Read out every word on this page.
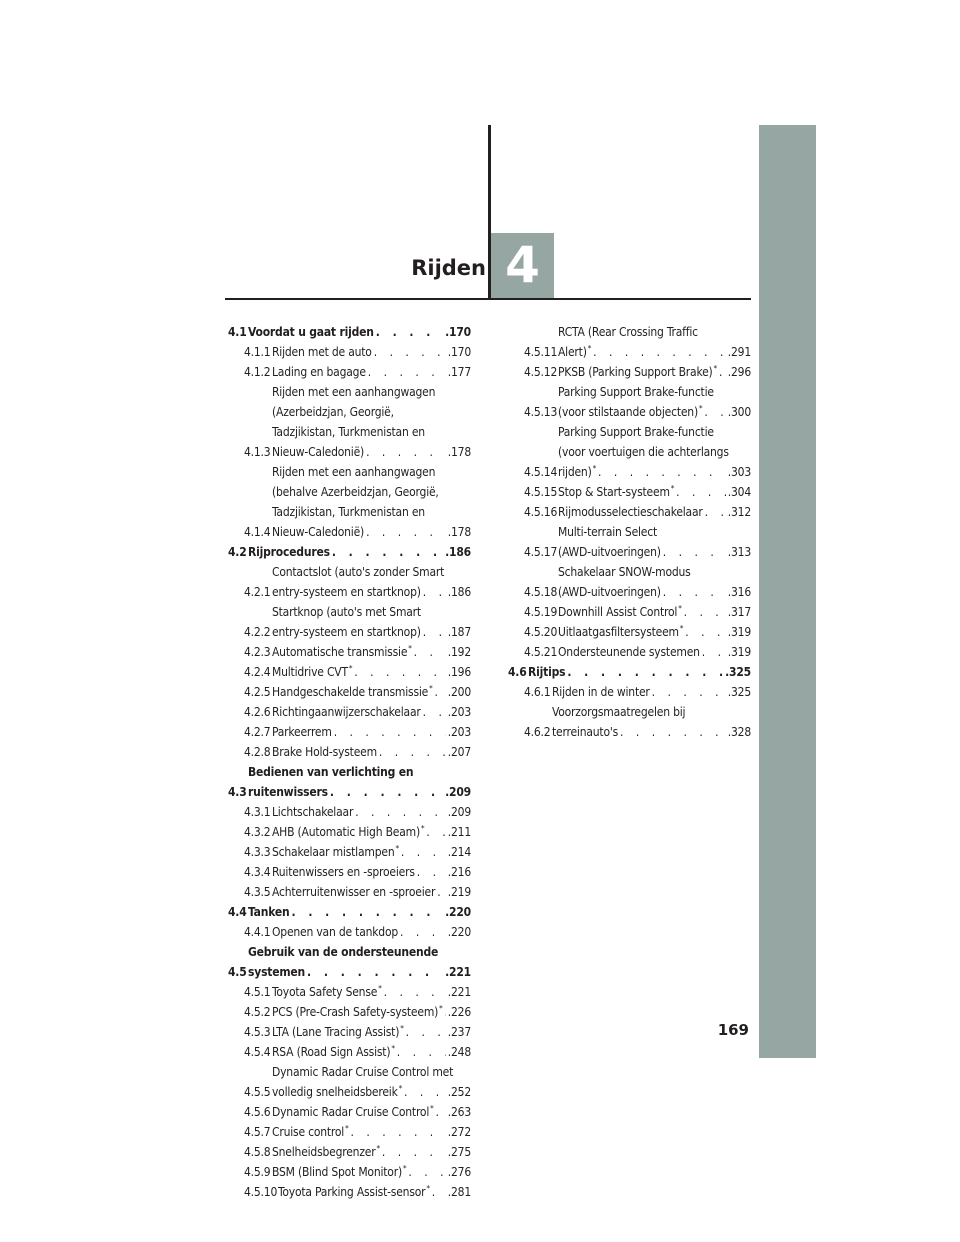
Rijden 4
4.1 Voordat u gaat rijden . . .	.170
4.1.1 Rijden met de auto . . .	.170
4.1.2 Lading en bagage . . .	.177
4.1.3
Rijden met een aanhangwagen
(Azerbeidzjan, Georgië,
Tadzjikistan, Turkmenistan en
Nieuw-Caledonië) . . .	.178
4.1.4
Rijden met een aanhangwagen
(behalve Azerbeidzjan, Georgië,
Tadzjikistan, Turkmenistan en
Nieuw-Caledonië) . . .	.178
4.2 Rijprocedures . . .	.186
4.2.1
Contactslot (auto's zonder Smart
entry-systeem en startknop) . . . .186
4.2.2
Startknop (auto's met Smart
entry-systeem en startknop) . . . .187
4.2.3 Automatische transmissie* . . .	.192
4.2.4 Multidrive CVT* . . .	.196
4.2.5 Handgeschakelde transmissie* . . . .200
4.2.6 Richtingaanwijzerschakelaar . . . .203
4.2.7 Parkeerrem . . .	.203
4.2.8 Brake Hold-systeem . . .	.207
4.3
Bedienen van verlichting en
ruitenwissers . . .	.209
4.3.1 Lichtschakelaar . . .	.209
4.3.2 AHB (Automatic High Beam)* . . . .211
4.3.3 Schakelaar mistlampen* . . .	.214
4.3.4 Ruitenwissers en -sproeiers . . .	.216
4.3.5 Achterruitenwisser en -sproeier . . . .219
4.4 Tanken . . .	.220
4.4.1 Openen van de tankdop . . .	.220
4.5
Gebruik van de ondersteunende
systemen . . .	.221
4.5.1 Toyota Safety Sense* . . .	.221
4.5.2 PCS (Pre-Crash Safety-systeem)* . . . .226
4.5.3 LTA (Lane Tracing Assist)* . . .	.237
4.5.4 RSA (Road Sign Assist)* . . .	.248
4.5.5
Dynamic Radar Cruise Control met
volledig snelheidsbereik* . . .	.252
4.5.6 Dynamic Radar Cruise Control* . . . .263
4.5.7 Cruise control* . . .	.272
4.5.8 Snelheidsbegrenzer* . . .	.275
4.5.9 BSM (Blind Spot Monitor)* . . .	.276
4.5.10 Toyota Parking Assist-sensor* . . . .281
4.5.11
RCTA (Rear Crossing Traffic
Alert)* . . .	.291
4.5.12 PKSB (Parking Support Brake)* . . . .296
4.5.13
Parking Support Brake-functie
(voor stilstaande objecten)* . . . .300
4.5.14
Parking Support Brake-functie
(voor voertuigen die achterlangs
rijden)* . . .	.303
4.5.15 Stop & Start-systeem* . . .	.304
4.5.16 Rijmodusselectieschakelaar . . . .312
4.5.17
Multi-terrain Select
(AWD-uitvoeringen) . . .	.313
4.5.18
Schakelaar SNOW-modus
(AWD-uitvoeringen) . . .	.316
4.5.19 Downhill Assist Control* . . .	.317
4.5.20 Uitlaatgasfiltersysteem* . . .	.319
4.5.21 Ondersteunende systemen . . . .319
4.6 Rijtips . . .	.325
4.6.1 Rijden in de winter . . .	.325
4.6.2
Voorzorgsmaatregelen bij
terreinauto's . . .	.328
169
